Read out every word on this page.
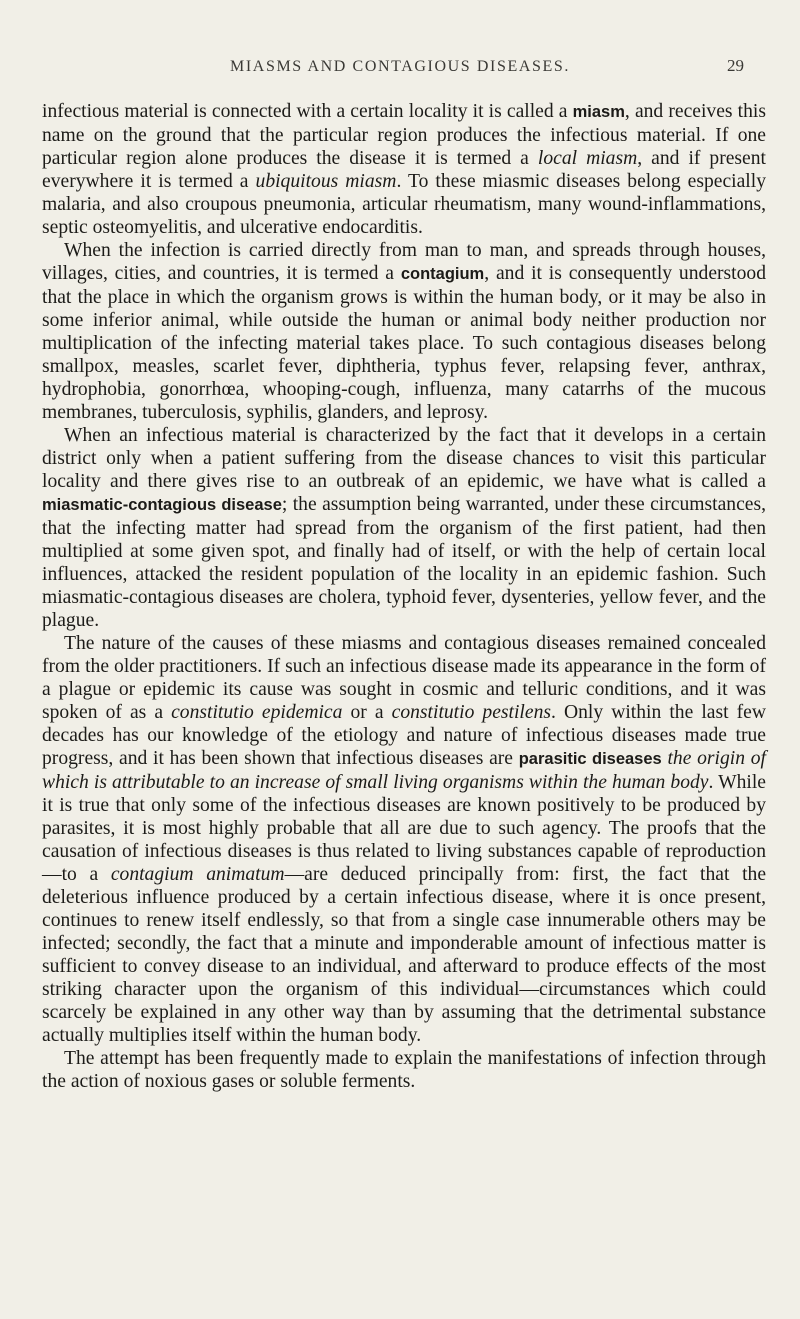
MIASMS AND CONTAGIOUS DISEASES.	29

infectious material is connected with a certain locality it is called a miasm, and receives this name on the ground that the particular region produces the infectious material. If one particular region alone produces the disease it is termed a local miasm, and if present everywhere it is termed a ubiquitous miasm. To these miasmic diseases belong especially malaria, and also croupous pneumonia, articular rheumatism, many wound-inflammations, septic osteomyelitis, and ulcerative endocarditis.

When the infection is carried directly from man to man, and spreads through houses, villages, cities, and countries, it is termed a contagium, and it is consequently understood that the place in which the organism grows is within the human body, or it may be also in some inferior animal, while outside the human or animal body neither production nor multiplication of the infecting material takes place. To such contagious diseases belong smallpox, measles, scarlet fever, diphtheria, typhus fever, relapsing fever, anthrax, hydrophobia, gonorrhœa, whooping-cough, influenza, many catarrhs of the mucous membranes, tuberculosis, syphilis, glanders, and leprosy.

When an infectious material is characterized by the fact that it develops in a certain district only when a patient suffering from the disease chances to visit this particular locality and there gives rise to an outbreak of an epidemic, we have what is called a miasmatic-contagious disease; the assumption being warranted, under these circumstances, that the infecting matter had spread from the organism of the first patient, had then multiplied at some given spot, and finally had of itself, or with the help of certain local influences, attacked the resident population of the locality in an epidemic fashion. Such miasmatic-contagious diseases are cholera, typhoid fever, dysenteries, yellow fever, and the plague.

The nature of the causes of these miasms and contagious diseases remained concealed from the older practitioners. If such an infectious disease made its appearance in the form of a plague or epidemic its cause was sought in cosmic and telluric conditions, and it was spoken of as a constitutio epidemica or a constitutio pestilens. Only within the last few decades has our knowledge of the etiology and nature of infectious diseases made true progress, and it has been shown that infectious diseases are parasitic diseases the origin of which is attributable to an increase of small living organisms within the human body. While it is true that only some of the infectious diseases are known positively to be produced by parasites, it is most highly probable that all are due to such agency. The proofs that the causation of infectious diseases is thus related to living substances capable of reproduction—to a contagium animatum—are deduced principally from: first, the fact that the deleterious influence produced by a certain infectious disease, where it is once present, continues to renew itself endlessly, so that from a single case innumerable others may be infected; secondly, the fact that a minute and imponderable amount of infectious matter is sufficient to convey disease to an individual, and afterward to produce effects of the most striking character upon the organism of this individual—circumstances which could scarcely be explained in any other way than by assuming that the detrimental substance actually multiplies itself within the human body.

The attempt has been frequently made to explain the manifestations of infection through the action of noxious gases or soluble ferments.
